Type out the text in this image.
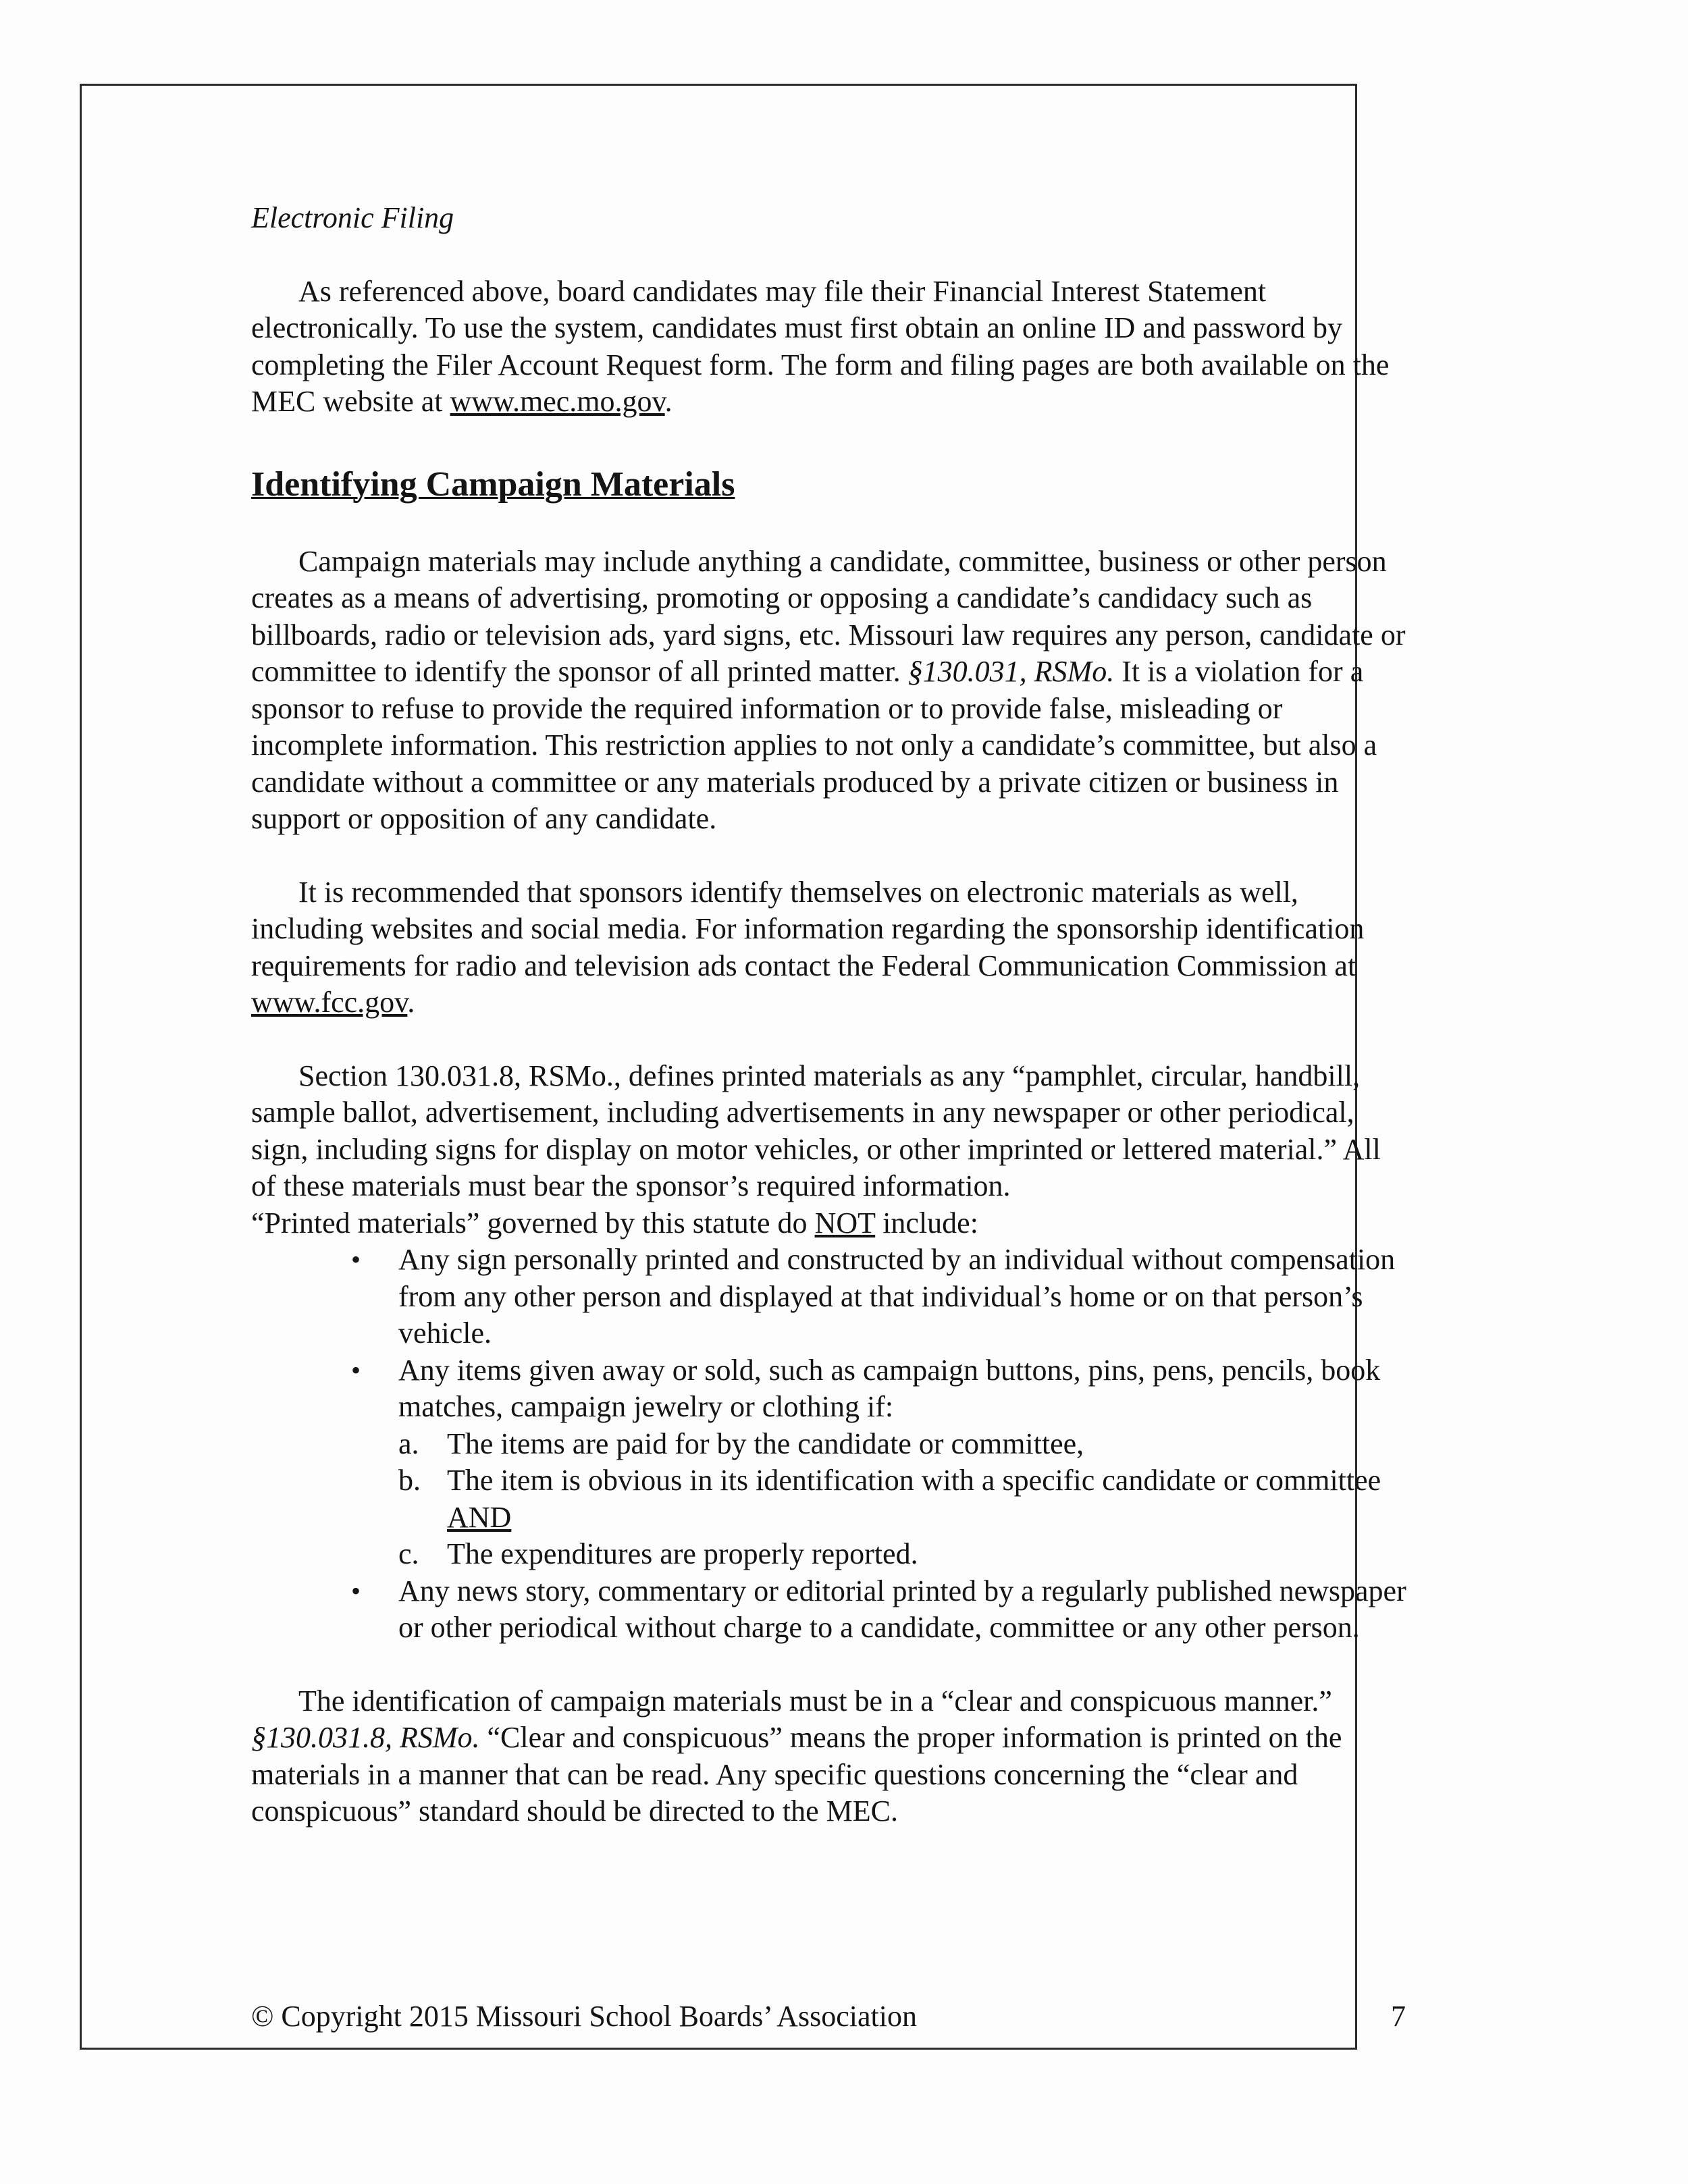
Electronic Filing

As referenced above, board candidates may file their Financial Interest Statement electronically. To use the system, candidates must first obtain an online ID and password by completing the Filer Account Request form. The form and filing pages are both available on the MEC website at www.mec.mo.gov.

Identifying Campaign Materials

Campaign materials may include anything a candidate, committee, business or other person creates as a means of advertising, promoting or opposing a candidate’s candidacy such as billboards, radio or television ads, yard signs, etc. Missouri law requires any person, candidate or committee to identify the sponsor of all printed matter. §130.031, RSMo. It is a violation for a sponsor to refuse to provide the required information or to provide false, misleading or incomplete information. This restriction applies to not only a candidate’s committee, but also a candidate without a committee or any materials produced by a private citizen or business in support or opposition of any candidate.

It is recommended that sponsors identify themselves on electronic materials as well, including websites and social media. For information regarding the sponsorship identification requirements for radio and television ads contact the Federal Communication Commission at www.fcc.gov.

Section 130.031.8, RSMo., defines printed materials as any “pamphlet, circular, handbill, sample ballot, advertisement, including advertisements in any newspaper or other periodical, sign, including signs for display on motor vehicles, or other imprinted or lettered material.” All of these materials must bear the sponsor’s required information.

“Printed materials” governed by this statute do NOT include:

• Any sign personally printed and constructed by an individual without compensation from any other person and displayed at that individual’s home or on that person’s vehicle.
• Any items given away or sold, such as campaign buttons, pins, pens, pencils, book matches, campaign jewelry or clothing if:
a. The items are paid for by the candidate or committee,
b. The item is obvious in its identification with a specific candidate or committee AND
c. The expenditures are properly reported.
• Any news story, commentary or editorial printed by a regularly published newspaper or other periodical without charge to a candidate, committee or any other person.

The identification of campaign materials must be in a “clear and conspicuous manner.” §130.031.8, RSMo. “Clear and conspicuous” means the proper information is printed on the materials in a manner that can be read. Any specific questions concerning the “clear and conspicuous” standard should be directed to the MEC.

© Copyright 2015 Missouri School Boards’ Association	7
